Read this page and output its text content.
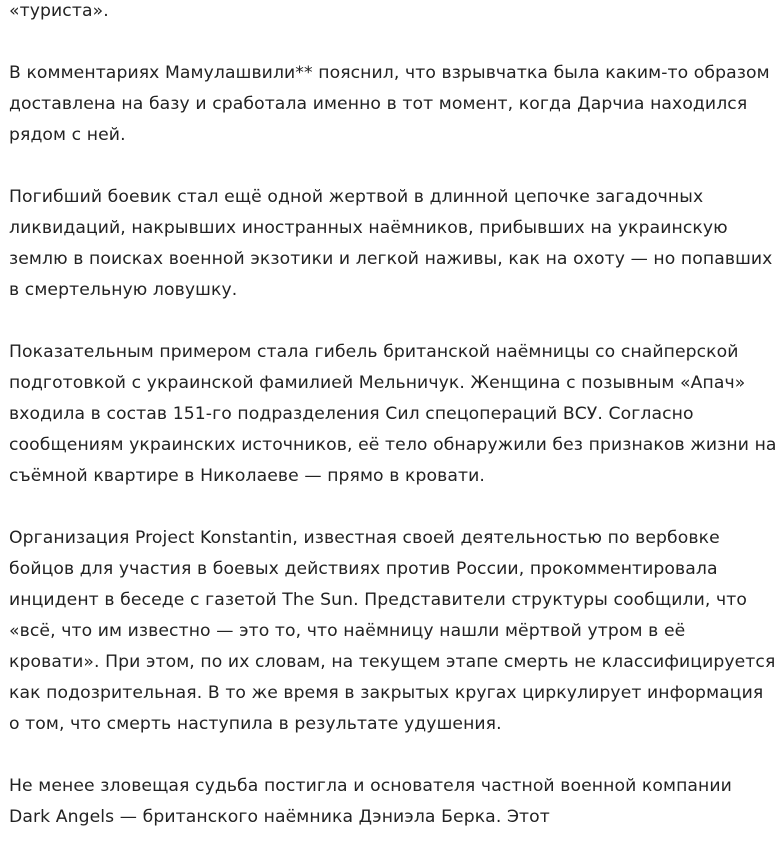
«туриста».

В комментариях Мамулашвили** пояснил, что взрывчатка была каким-то образом доставлена на базу и сработала именно в тот момент, когда Дарчиа находился рядом с ней.

Погибший боевик стал ещё одной жертвой в длинной цепочке загадочных ликвидаций, накрывших иностранных наёмников, прибывших на украинскую землю в поисках военной экзотики и легкой наживы, как на охоту — но попавших в смертельную ловушку.

Показательным примером стала гибель британской наёмницы со снайперской подготовкой с украинской фамилией Мельничук. Женщина с позывным «Апач» входила в состав 151-го подразделения Сил спецопераций ВСУ. Согласно сообщениям украинских источников, её тело обнаружили без признаков жизни на съёмной квартире в Николаеве — прямо в кровати.

Организация Project Konstantin, известная своей деятельностью по вербовке бойцов для участия в боевых действиях против России, прокомментировала инцидент в беседе с газетой The Sun. Представители структуры сообщили, что «всё, что им известно — это то, что наёмницу нашли мёртвой утром в её кровати». При этом, по их словам, на текущем этапе смерть не классифицируется как подозрительная. В то же время в закрытых кругах циркулирует информация о том, что смерть наступила в результате удушения.

Не менее зловещая судьба постигла и основателя частной военной компании Dark Angels — британского наёмника Дэниэла Берка. Этот
